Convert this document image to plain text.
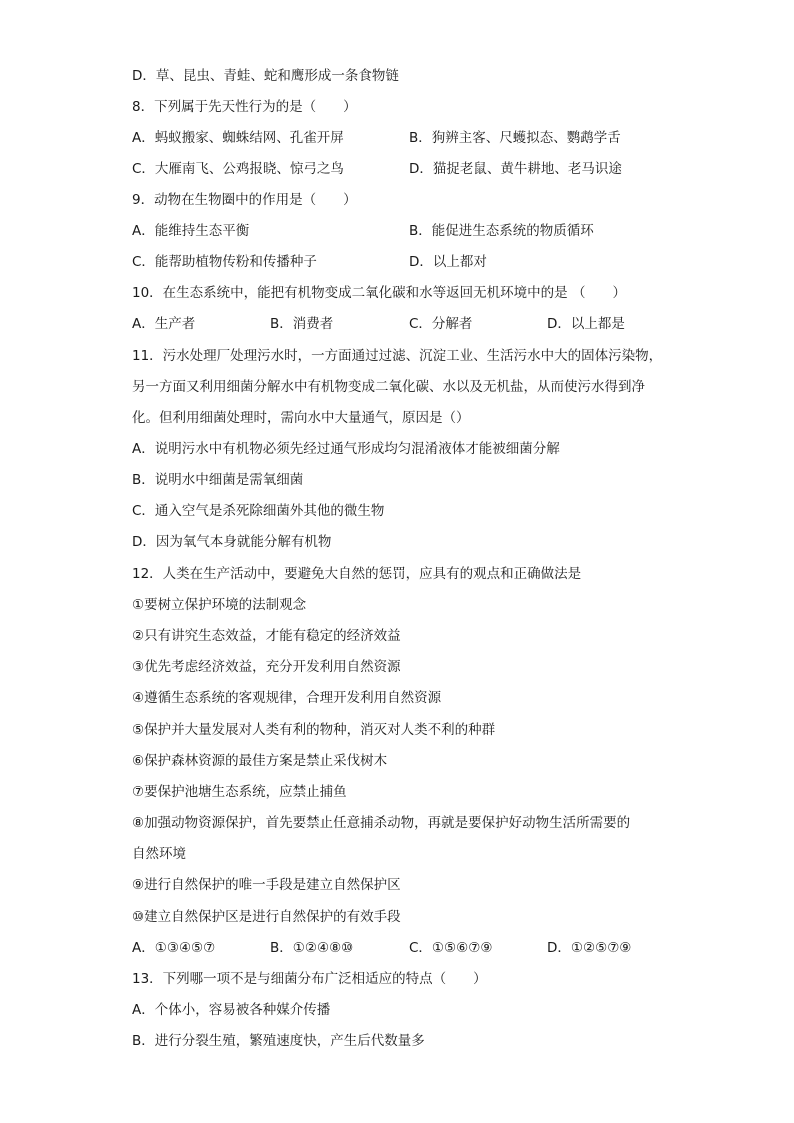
D．草、昆虫、青蛙、蛇和鹰形成一条食物链
8．下列属于先天性行为的是（　　）
A．蚂蚁搬家、蜘蛛结网、孔雀开屏	B．狗辨主客、尺蠖拟态、鹦鹉学舌
C．大雁南飞、公鸡报晓、惊弓之鸟	D．猫捉老鼠、黄牛耕地、老马识途
9．动物在生物圈中的作用是（　　）
A．能维持生态平衡	B．能促进生态系统的物质循环
C．能帮助植物传粉和传播种子	D．以上都对
10．在生态系统中，能把有机物变成二氧化碳和水等返回无机环境中的是 （　　）
A．生产者	B．消费者	C．分解者	D．以上都是
11．污水处理厂处理污水时，一方面通过过滤、沉淀工业、生活污水中大的固体污染物，
另一方面又利用细菌分解水中有机物变成二氧化碳、水以及无机盐，从而使污水得到净
化。但利用细菌处理时，需向水中大量通气，原因是（）
A．说明污水中有机物必须先经过通气形成均匀混淆液体才能被细菌分解
B．说明水中细菌是需氧细菌
C．通入空气是杀死除细菌外其他的微生物
D．因为氧气本身就能分解有机物
12．人类在生产活动中，要避免大自然的惩罚，应具有的观点和正确做法是
①要树立保护环境的法制观念
②只有讲究生态效益，才能有稳定的经济效益
③优先考虑经济效益，充分开发利用自然资源
④遵循生态系统的客观规律，合理开发利用自然资源
⑤保护并大量发展对人类有利的物种，消灭对人类不利的种群
⑥保护森林资源的最佳方案是禁止采伐树木
⑦要保护池塘生态系统，应禁止捕鱼
⑧加强动物资源保护，首先要禁止任意捕杀动物，再就是要保护好动物生活所需要的
自然环境
⑨进行自然保护的唯一手段是建立自然保护区
⑩建立自然保护区是进行自然保护的有效手段
A．①③④⑤⑦	B．①②④⑧⑩	C．①⑤⑥⑦⑨	D．①②⑤⑦⑨
13．下列哪一项不是与细菌分布广泛相适应的特点（　　）
A．个体小，容易被各种媒介传播
B．进行分裂生殖，繁殖速度快，产生后代数量多
